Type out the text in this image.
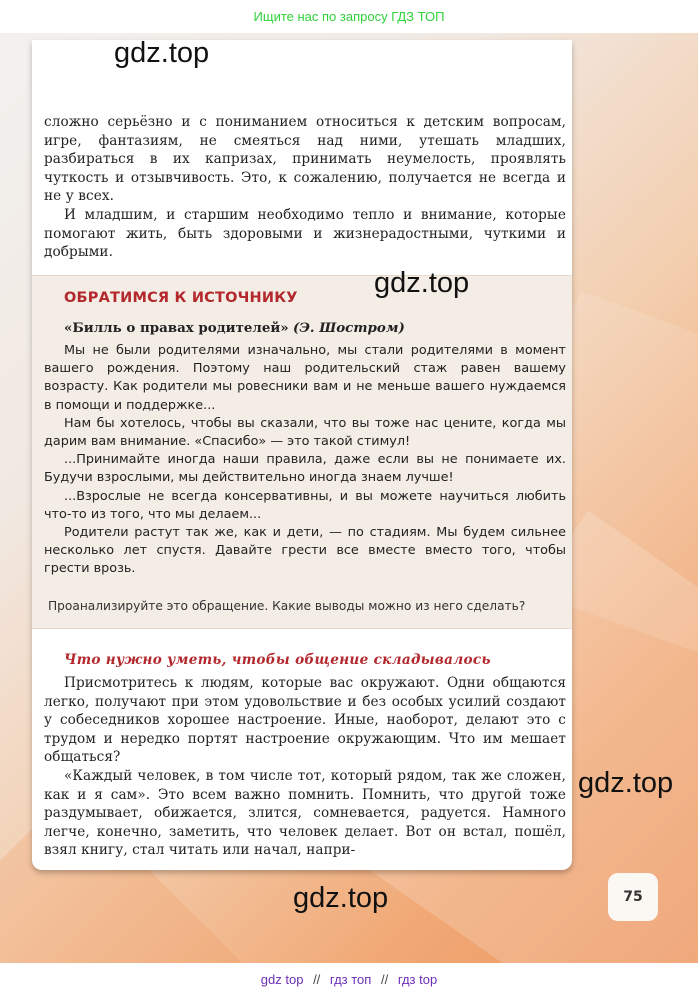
Ищите нас по запросу ГДЗ ТОП
gdz.top

сложно серьёзно и с пониманием относиться к детским вопросам, игре, фантазиям, не смеяться над ними, утешать младших, разбираться в их капризах, принимать неумелость, проявлять чуткость и отзывчивость. Это, к сожалению, получается не всегда и не у всех.

И младшим, и старшим необходимо тепло и внимание, которые помогают жить, быть здоровыми и жизнерадостными, чуткими и добрыми.

ОБРАТИМСЯ К ИСТОЧНИКУ	gdz.top
«Билль о правах родителей» (Э. Шостром)

Мы не были родителями изначально, мы стали родителями в момент вашего рождения. Поэтому наш родительский стаж равен вашему возрасту. Как родители мы ровесники вам и не меньше вашего нуждаемся в помощи и поддержке...

Нам бы хотелось, чтобы вы сказали, что вы тоже нас цените, когда мы дарим вам внимание. «Спасибо» — это такой стимул!

...Принимайте иногда наши правила, даже если вы не понимаете их. Будучи взрослыми, мы действительно иногда знаем лучше!

...Взрослые не всегда консервативны, и вы можете научиться любить что-то из того, что мы делаем...

Родители растут так же, как и дети, — по стадиям. Мы будем сильнее несколько лет спустя. Давайте грести все вместе вместо того, чтобы грести врозь.

Проанализируйте это обращение. Какие выводы можно из него сделать?
Что нужно уметь, чтобы общение складывалось

Присмотритесь к людям, которые вас окружают. Одни общаются легко, получают при этом удовольствие и без особых усилий создают у собеседников хорошее настроение. Иные, наоборот, делают это с трудом и нередко портят настроение окружающим. Что им мешает общаться?

«Каждый человек, в том числе тот, который рядом, так же сложен, как и я сам». Это всем важно помнить. Помнить, что другой тоже раздумывает, обижается, злится, сомневается, радуется. Намного легче, конечно, заметить, что человек делает. Вот он встал, пошёл, взял книгу, стал читать или начал, напри-

gdz.top
gdz.top	75
gdz top // гдз топ // гдз top
